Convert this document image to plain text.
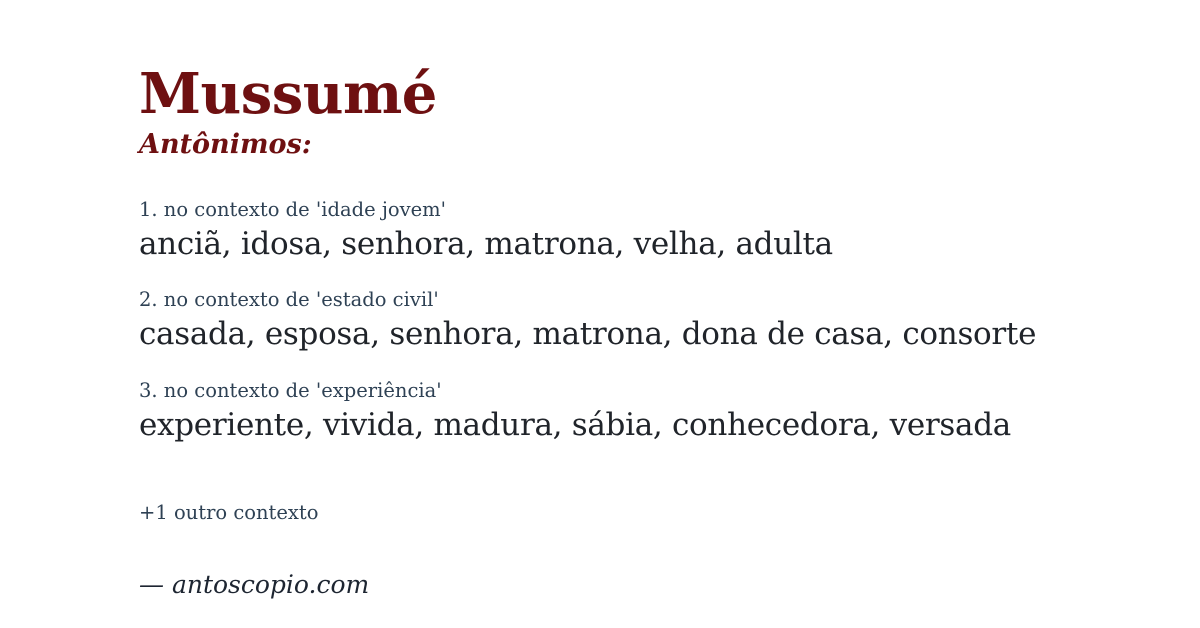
Mussumé
Antônimos:
1. no contexto de 'idade jovem'
anciã, idosa, senhora, matrona, velha, adulta
2. no contexto de 'estado civil'
casada, esposa, senhora, matrona, dona de casa, consorte
3. no contexto de 'experiência'
experiente, vivida, madura, sábia, conhecedora, versada
+1 outro contexto
— antoscopio.com
